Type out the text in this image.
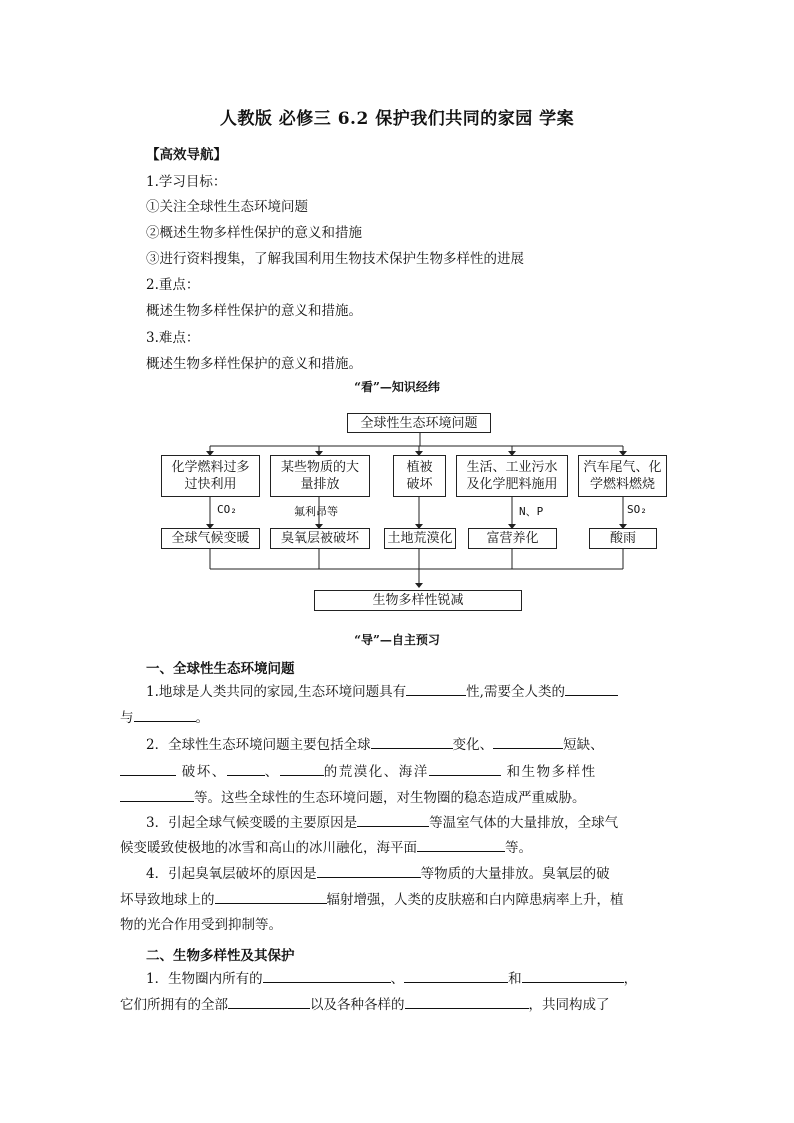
人教版 必修三 6.2 保护我们共同的家园 学案
【高效导航】
1.学习目标：
①关注全球性生态环境问题
②概述生物多样性保护的意义和措施
③进行资料搜集，了解我国利用生物技术保护生物多样性的进展
2.重点：
概述生物多样性保护的意义和措施。
3.难点：
概述生物多样性保护的意义和措施。
“看”—知识经纬
全球性生态环境问题
化学燃料过多过快利用
某些物质的大量排放
植被破坏
生活、工业污水及化学肥料施用
汽车尾气、化学燃料燃烧
CO₂	氟利昂等	N、P	SO₂
全球气候变暖	臭氧层被破坏	土地荒漠化	富营养化	酸雨
生物多样性锐减
“导”—自主预习
一、全球性生态环境问题
1.地球是人类共同的家园,生态环境问题具有	性,需要全人类的
与	。
2．全球性生态环境问题主要包括全球	变化、	短缺、
破坏、	、	的荒漠化、海洋	和生物多样性
等。这些全球性的生态环境问题，对生物圈的稳态造成严重威胁。
3．引起全球气候变暖的主要原因是	等温室气体的大量排放，全球气
候变暖致使极地的冰雪和高山的冰川融化，海平面	等。
4．引起臭氧层破坏的原因是	等物质的大量排放。臭氧层的破
坏导致地球上的	辐射增强，人类的皮肤癌和白内障患病率上升，植
物的光合作用受到抑制等。
二、生物多样性及其保护
1．生物圈内所有的	、	和	，
它们所拥有的全部	以及各种各样的	，共同构成了
